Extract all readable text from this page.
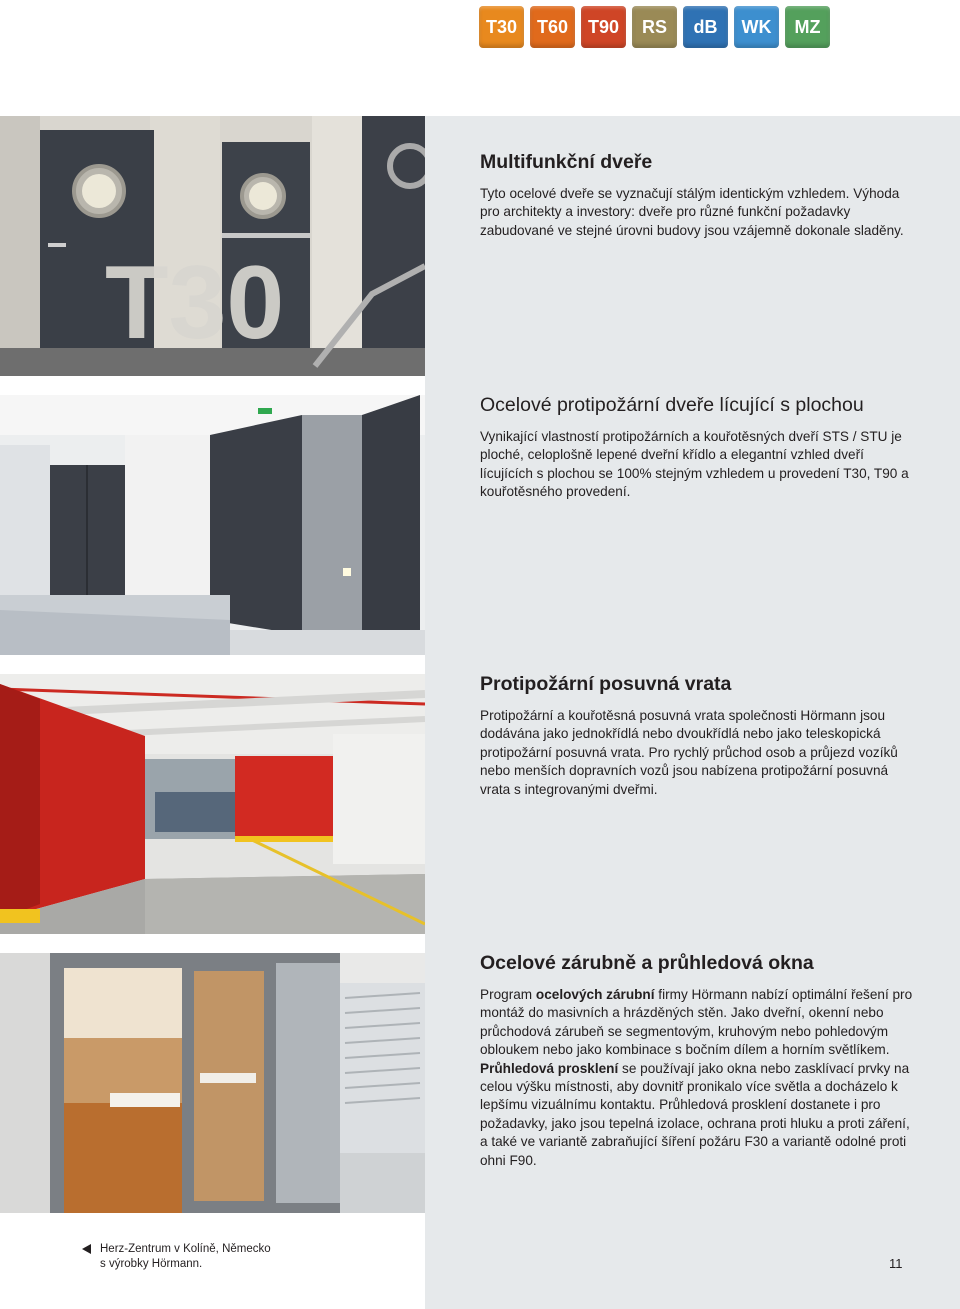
T30	T60	T90	RS	dB	WK	MZ
T30
Multifunkční dveře

Tyto ocelové dveře se vyznačují stálým identickým vzhledem. Výhoda pro architekty a investory: dveře pro různé funkční požadavky zabudované ve stejné úrovni budovy jsou vzájemně dokonale sladěny.

Ocelové protipožární dveře lícující s plochou

Vynikající vlastností protipožárních a kouřotěsných dveří STS / STU je ploché, celoplošně lepené dveřní křídlo a elegantní vzhled dveří lícujících s plochou se 100% stejným vzhledem u provedení T30, T90 a kouřotěsného provedení.

Protipožární posuvná vrata

Protipožární a kouřotěsná posuvná vrata společnosti Hörmann jsou dodávána jako jednokřídlá nebo dvoukřídlá nebo jako teleskopická protipožární posuvná vrata. Pro rychlý průchod osob a průjezd vozíků nebo menších dopravních vozů jsou nabízena protipožární posuvná vrata s integrovanými dveřmi.

Ocelové zárubně a průhledová okna

Program ocelových zárubní firmy Hörmann nabízí optimální řešení pro montáž do masivních a hrázděných stěn. Jako dveřní, okenní nebo průchodová zárubeň se segmentovým, kruhovým nebo pohledovým obloukem nebo jako kombinace s bočním dílem a horním světlíkem. Průhledová prosklení se používají jako okna nebo zasklívací prvky na celou výšku místnosti, aby dovnitř pronikalo více světla a docházelo k lepšímu vizuálnímu kontaktu. Průhledová prosklení dostanete i pro požadavky, jako jsou tepelná izolace, ochrana proti hluku a proti záření, a také ve variantě zabraňující šíření požáru F30 a variantě odolné proti ohni F90.

Herz-Zentrum v Kolíně, Německo
s výrobky Hörmann.	11
